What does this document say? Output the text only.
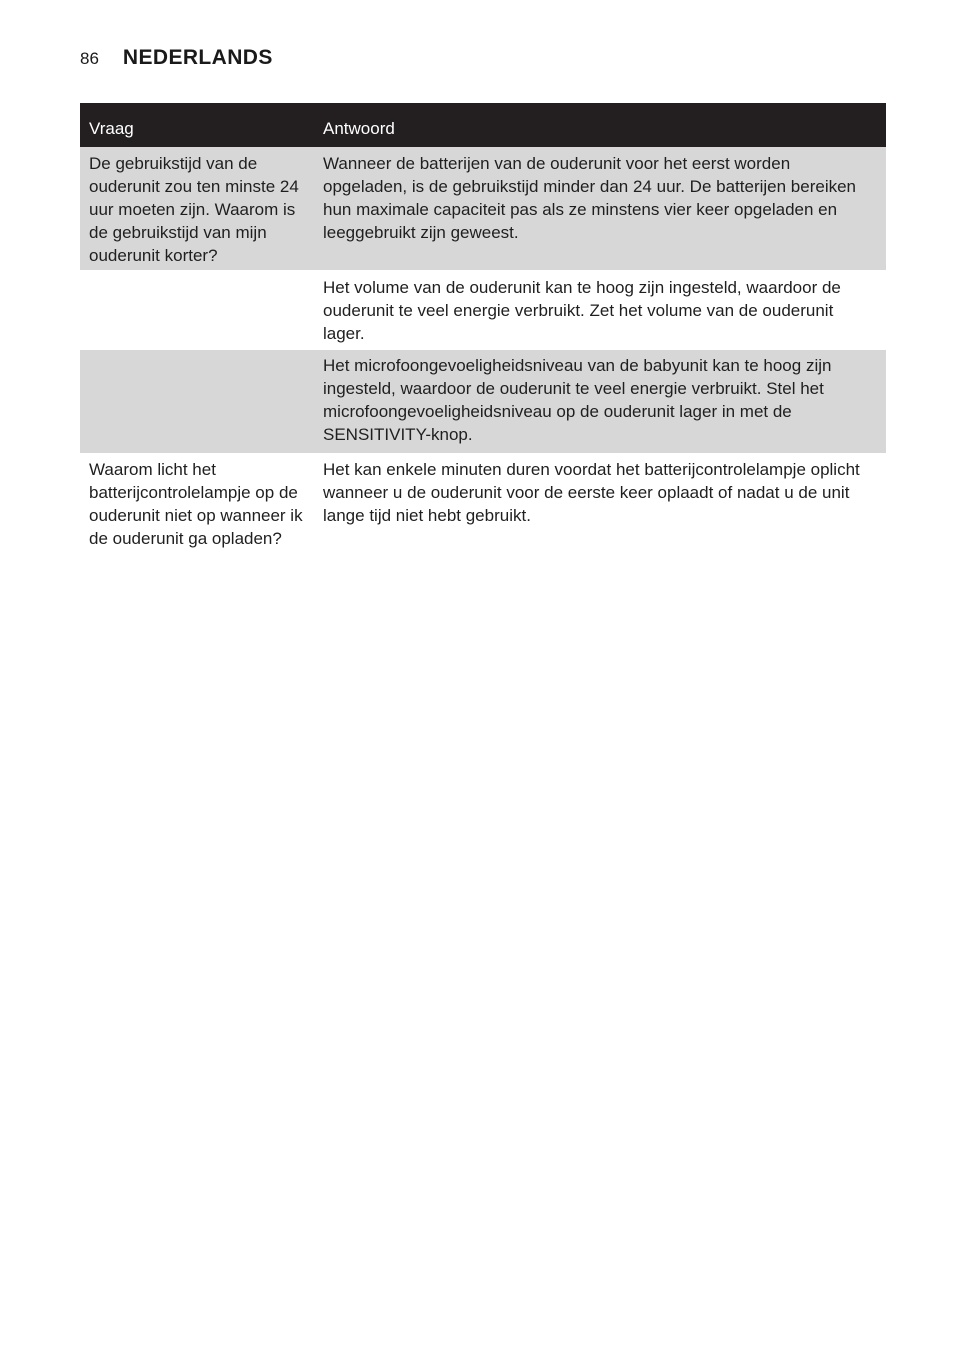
86 NEDERLANDS
Vraag	Antwoord
De gebruikstijd van de ouderunit zou ten minste 24 uur moeten zijn. Waarom is de gebruikstijd van mijn ouderunit korter?
Wanneer de batterijen van de ouderunit voor het eerst worden opgeladen, is de gebruikstijd minder dan 24 uur. De batterijen bereiken hun maximale capaciteit pas als ze minstens vier keer opgeladen en leeggebruikt zijn geweest.
Het volume van de ouderunit kan te hoog zijn ingesteld, waardoor de ouderunit te veel energie verbruikt. Zet het volume van de ouderunit lager.
Het microfoongevoeligheidsniveau van de babyunit kan te hoog zijn ingesteld, waardoor de ouderunit te veel energie verbruikt. Stel het microfoongevoeligheidsniveau op de ouderunit lager in met de SENSITIVITY-knop.
Waarom licht het batterijcontrolelampje op de ouderunit niet op wanneer ik de ouderunit ga opladen?
Het kan enkele minuten duren voordat het batterijcontrolelampje oplicht wanneer u de ouderunit voor de eerste keer oplaadt of nadat u de unit lange tijd niet hebt gebruikt.
